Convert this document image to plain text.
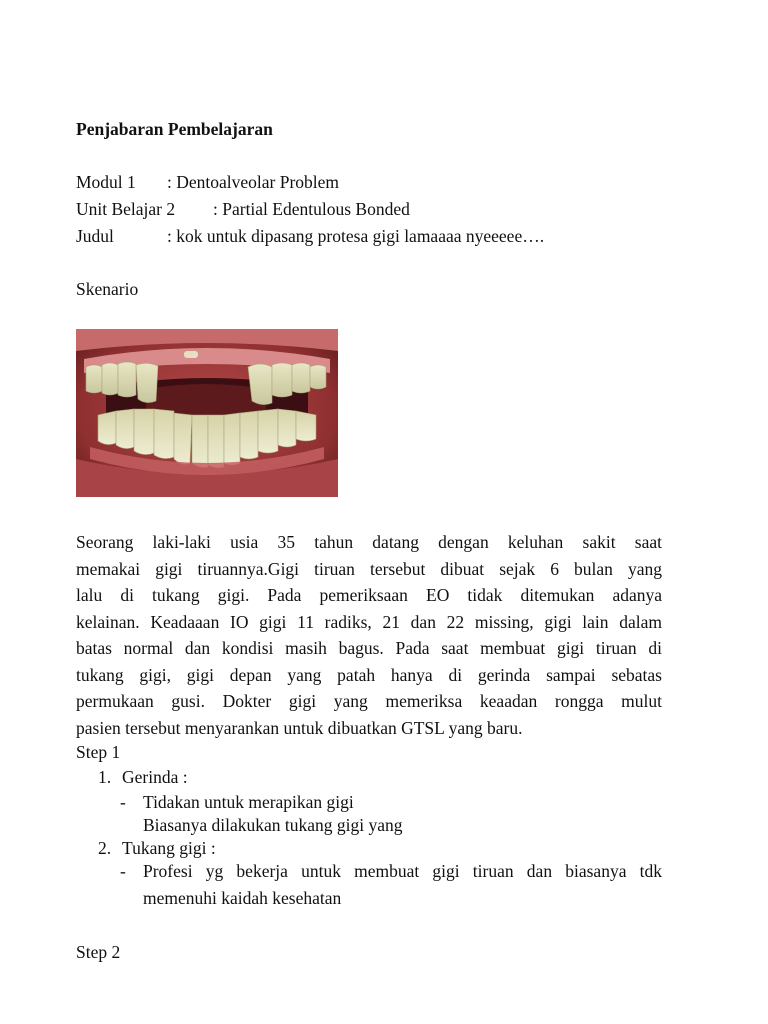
Penjabaran Pembelajaran
Modul 1 : Dentoalveolar Problem
Unit Belajar 2 : Partial Edentulous Bonded
Judul	: kok untuk dipasang protesa gigi lamaaaa nyeeeee….
Skenario
Seorang laki-laki usia 35 tahun datang dengan keluhan sakit saat
memakai gigi tiruannya.Gigi tiruan tersebut dibuat sejak 6 bulan yang
lalu di tukang gigi. Pada pemeriksaan EO tidak ditemukan adanya
kelainan. Keadaaan IO gigi 11 radiks, 21 dan 22 missing, gigi lain dalam
batas normal dan kondisi masih bagus. Pada saat membuat gigi tiruan di
tukang gigi, gigi depan yang patah hanya di gerinda sampai sebatas
permukaan gusi. Dokter gigi yang memeriksa keaadan rongga mulut
pasien tersebut menyarankan untuk dibuatkan GTSL yang baru.
Step 1
1. Gerinda :
- Tidakan untuk merapikan gigi
Biasanya dilakukan tukang gigi yang
2. Tukang gigi :
- Profesi yg bekerja untuk membuat gigi tiruan dan biasanya tdk
memenuhi kaidah kesehatan
Step 2
